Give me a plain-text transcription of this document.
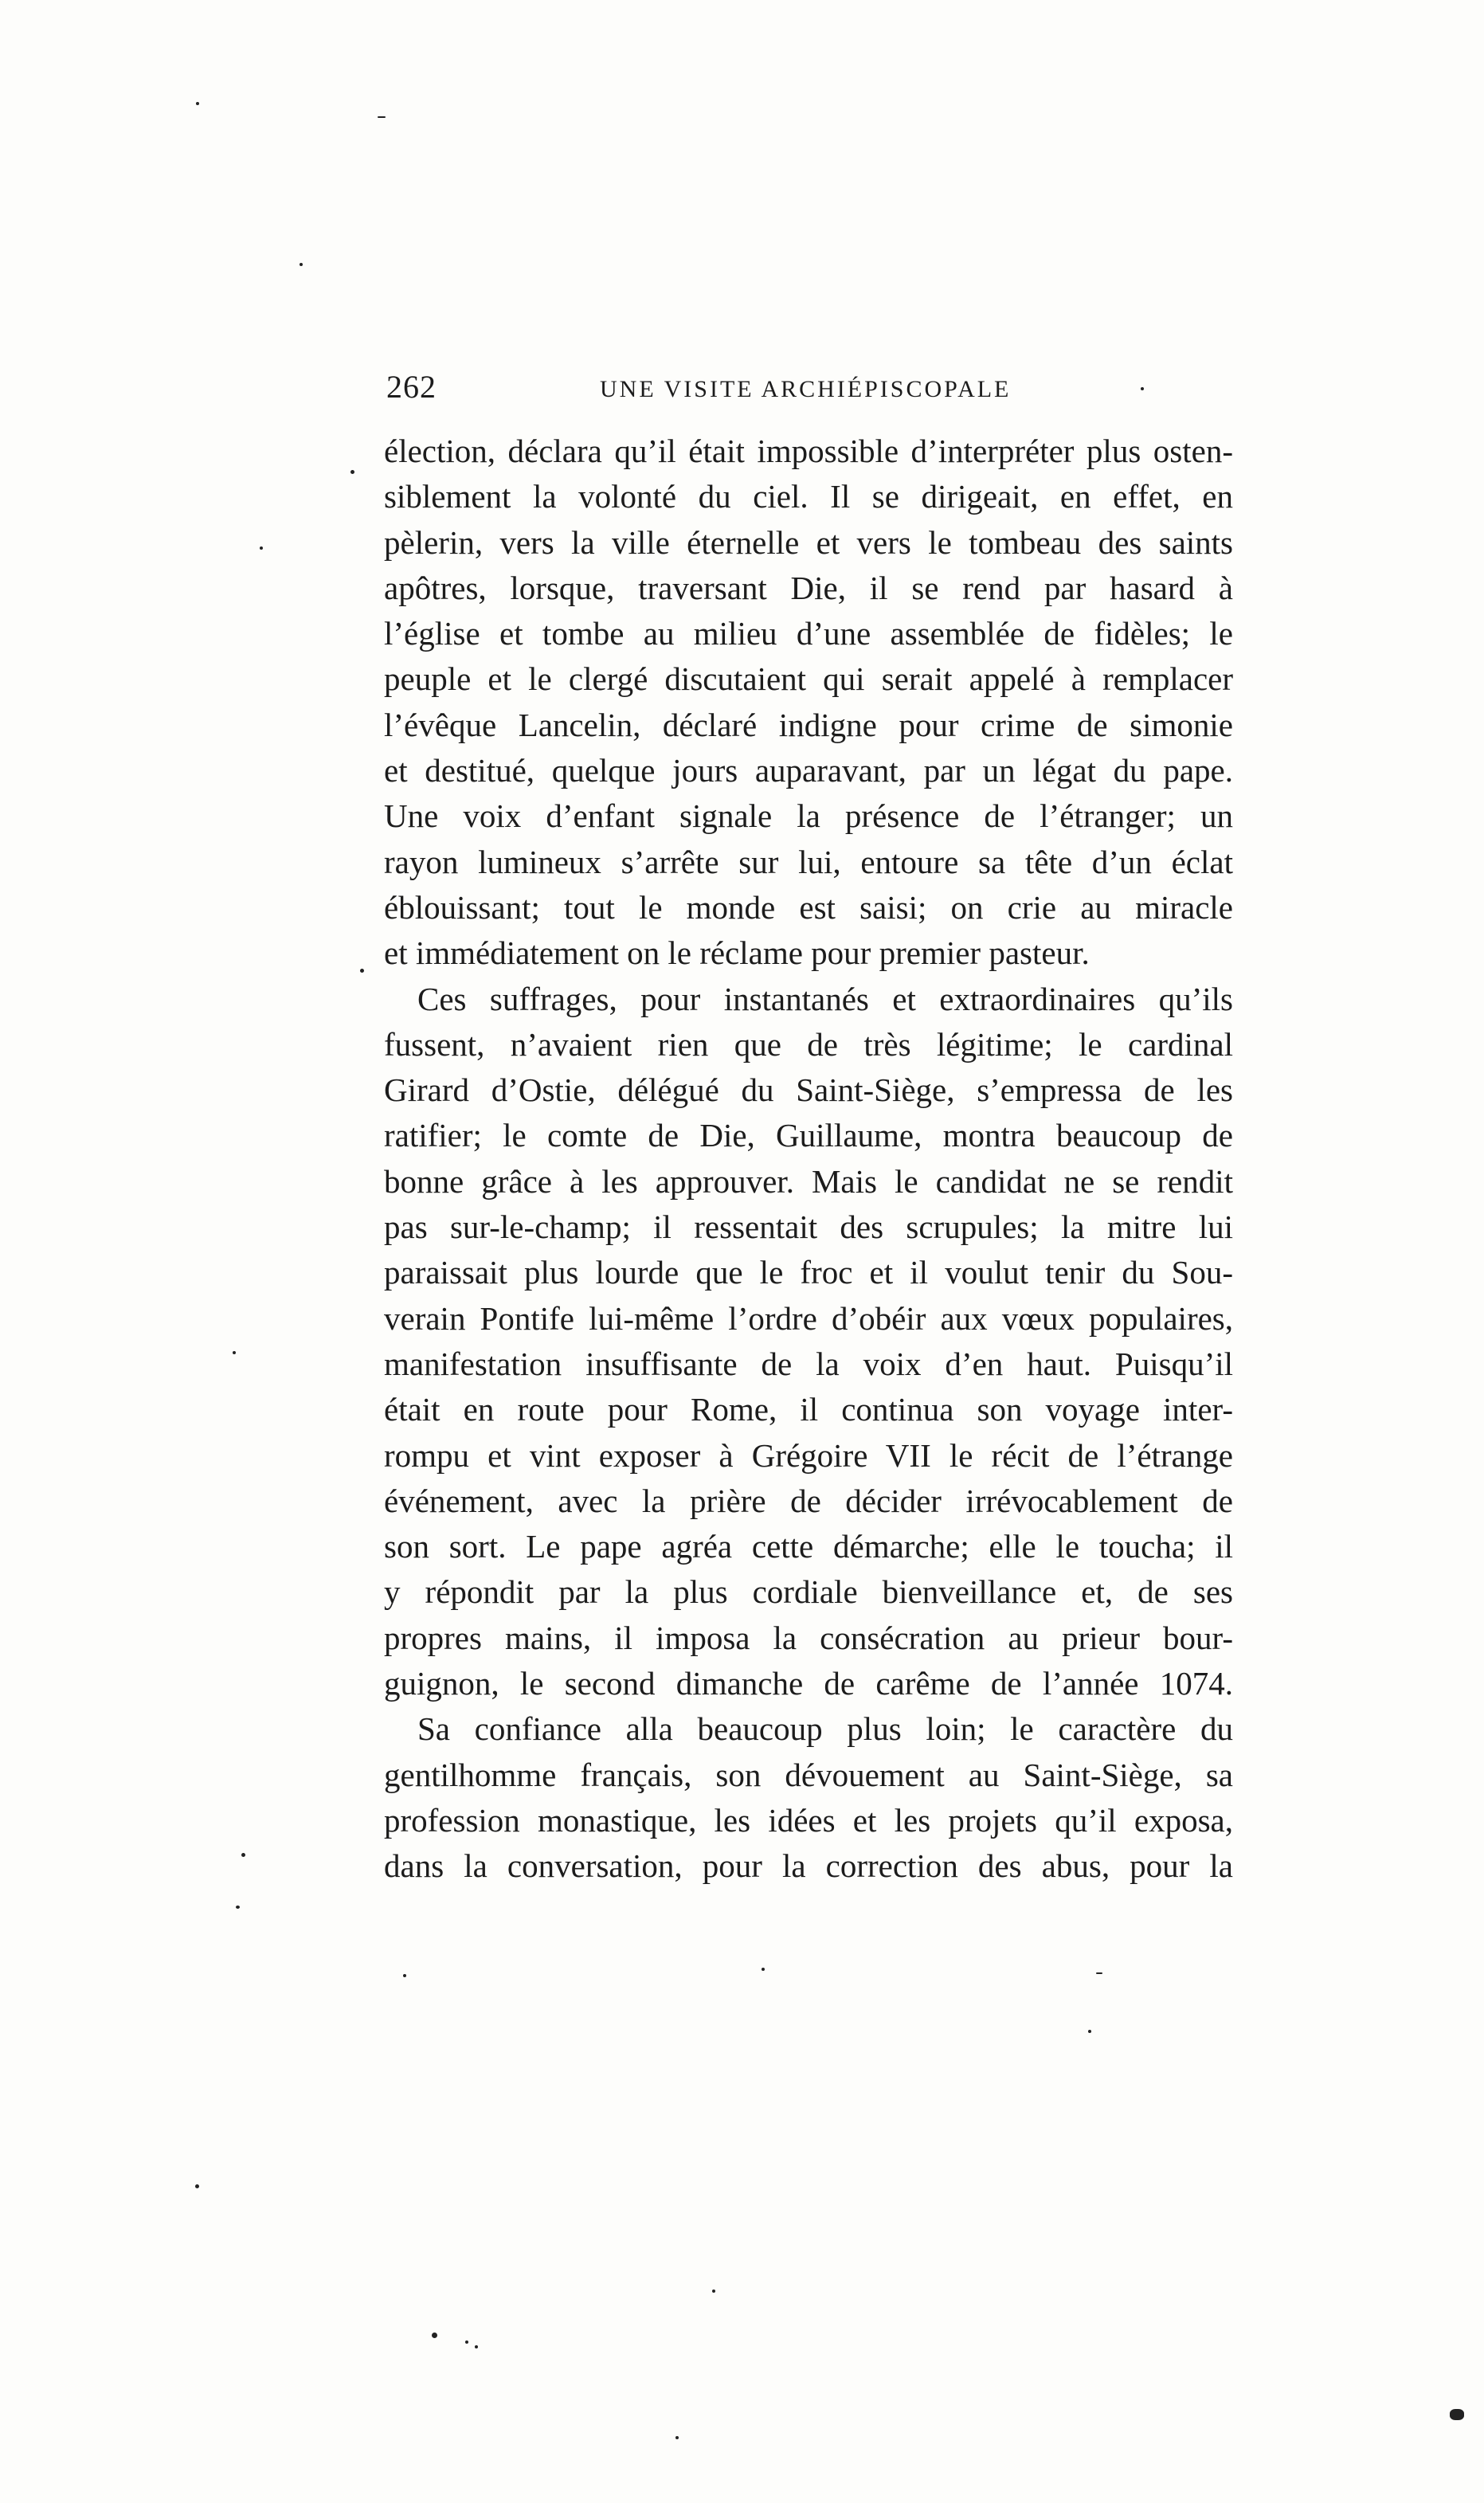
262	UNE VISITE ARCHIÉPISCOPALE
élection, déclara qu’il était impossible d’interpréter plus osten-
siblement la volonté du ciel. Il se dirigeait, en effet, en
pèlerin, vers la ville éternelle et vers le tombeau des saints
apôtres, lorsque, traversant Die, il se rend par hasard à
l’église et tombe au milieu d’une assemblée de fidèles; le
peuple et le clergé discutaient qui serait appelé à remplacer
l’évêque Lancelin, déclaré indigne pour crime de simonie
et destitué, quelque jours auparavant, par un légat du pape.
Une voix d’enfant signale la présence de l’étranger; un
rayon lumineux s’arrête sur lui, entoure sa tête d’un éclat
éblouissant; tout le monde est saisi; on crie au miracle
et immédiatement on le réclame pour premier pasteur.
Ces suffrages, pour instantanés et extraordinaires qu’ils
fussent, n’avaient rien que de très légitime; le cardinal
Girard d’Ostie, délégué du Saint-Siège, s’empressa de les
ratifier; le comte de Die, Guillaume, montra beaucoup de
bonne grâce à les approuver. Mais le candidat ne se rendit
pas sur-le-champ; il ressentait des scrupules; la mitre lui
paraissait plus lourde que le froc et il voulut tenir du Sou-
verain Pontife lui-même l’ordre d’obéir aux vœux populaires,
manifestation insuffisante de la voix d’en haut. Puisqu’il
était en route pour Rome, il continua son voyage inter-
rompu et vint exposer à Grégoire VII le récit de l’étrange
événement, avec la prière de décider irrévocablement de
son sort. Le pape agréa cette démarche; elle le toucha; il
y répondit par la plus cordiale bienveillance et, de ses
propres mains, il imposa la consécration au prieur bour-
guignon, le second dimanche de carême de l’année 1074.
Sa confiance alla beaucoup plus loin; le caractère du
gentilhomme français, son dévouement au Saint-Siège, sa
profession monastique, les idées et les projets qu’il exposa,
dans la conversation, pour la correction des abus, pour la
